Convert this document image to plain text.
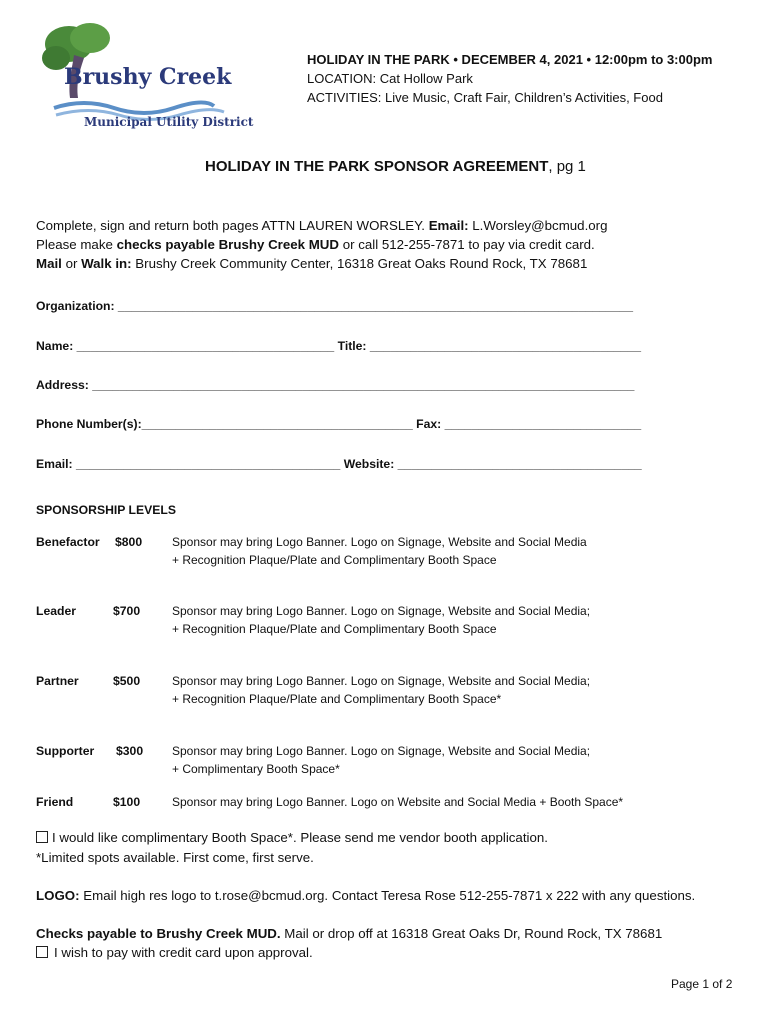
Brushy Creek
Municipal Utility District
HOLIDAY IN THE PARK • DECEMBER 4, 2021 • 12:00pm to 3:00pm
LOCATION: Cat Hollow Park
ACTIVITIES: Live Music, Craft Fair, Children’s Activities, Food
HOLIDAY IN THE PARK SPONSOR AGREEMENT, pg 1
Complete, sign and return both pages ATTN LAUREN WORSLEY. Email: L.Worsley@bcmud.org
Please make checks payable Brushy Creek MUD or call 512-255-7871 to pay via credit card.
Mail or Walk in: Brushy Creek Community Center, 16318 Great Oaks Round Rock, TX 78681
Organization: ____________________________________________________________________________
Name: ______________________________________ Title: ________________________________________
Address: ________________________________________________________________________________
Phone Number(s):________________________________________ Fax: _____________________________
Email: _______________________________________ Website: ____________________________________
SPONSORSHIP LEVELS
Benefactor $800 Sponsor may bring Logo Banner. Logo on Signage, Website and Social Media
+ Recognition Plaque/Plate and Complimentary Booth Space
Leader	$700	Sponsor may bring Logo Banner. Logo on Signage, Website and Social Media;
+ Recognition Plaque/Plate and Complimentary Booth Space
Partner	$500	Sponsor may bring Logo Banner. Logo on Signage, Website and Social Media;
+ Recognition Plaque/Plate and Complimentary Booth Space*
Supporter $300 Sponsor may bring Logo Banner. Logo on Signage, Website and Social Media;
+ Complimentary Booth Space*
Friend	$100	Sponsor may bring Logo Banner. Logo on Website and Social Media + Booth Space*
I would like complimentary Booth Space*. Please send me vendor booth application.
*Limited spots available. First come, first serve.
LOGO: Email high res logo to t.rose@bcmud.org. Contact Teresa Rose 512-255-7871 x 222 with any questions.
Checks payable to Brushy Creek MUD. Mail or drop off at 16318 Great Oaks Dr, Round Rock, TX 78681
I wish to pay with credit card upon approval.
Page 1 of 2
